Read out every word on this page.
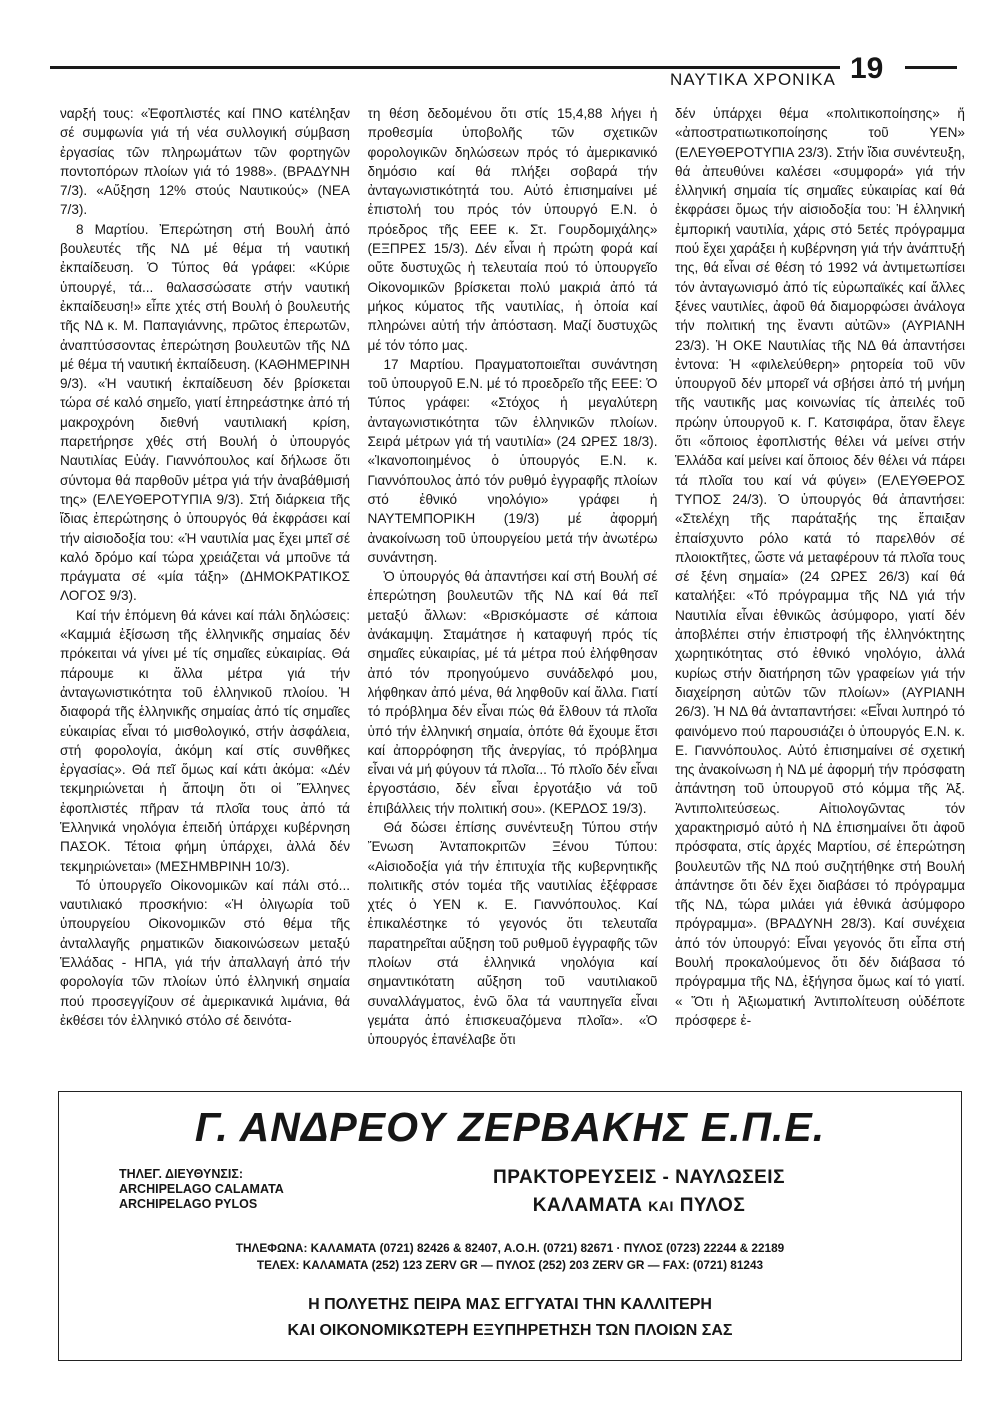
ΝΑΥΤΙΚΑ ΧΡΟΝΙΚΑ 19

ναρξή τους: «Ἐφοπλιστές καί ΠΝΟ κατέληξαν σέ συμφωνία γιά τή νέα συλλογική σύμβαση ἐργασίας τῶν πληρωμάτων τῶν φορτηγῶν ποντοπόρων πλοίων γιά τό 1988». (ΒΡΑΔΥΝΗ 7/3). «Αὔξηση 12% στούς Ναυτικούς» (ΝΕΑ 7/3).

8 Μαρτίου. Ἐπερώτηση στή Βουλή ἀπό βουλευτές τῆς ΝΔ μέ θέμα τή ναυτική ἐκπαίδευση. Ὁ Τύπος θά γράφει: «Κύριε ὑπουργέ, τά... θαλασσώσατε στήν ναυτική ἐκπαίδευση!» εἶπε χτές στή Βουλή ὁ βουλευτής τῆς ΝΔ κ. Μ. Παπαγιάννης, πρῶτος ἐπερωτῶν, ἀναπτύσσοντας ἐπερώτηση βουλευτῶν τῆς ΝΔ μέ θέμα τή ναυτική ἐκπαίδευση. (ΚΑΘΗΜΕΡΙΝΗ 9/3). «Ἡ ναυτική ἐκπαίδευση δέν βρίσκεται τώρα σέ καλό σημεῖο, γιατί ἐπηρεάστηκε ἀπό τή μακροχρόνη διεθνή ναυτιλιακή κρίση, παρετήρησε χθές στή Βουλή ὁ ὑπουργός Ναυτιλίας Εὐάγ. Γιαννόπουλος καί δήλωσε ὅτι σύντομα θά παρθοῦν μέτρα γιά τήν ἀναβάθμισή της» (ΕΛΕΥΘΕΡΟΤΥΠΙΑ 9/3). Στή διάρκεια τῆς ἴδιας ἐπερώτησης ὁ ὑπουργός θά ἐκφράσει καί τήν αἰσιοδοξία του: «Ἡ ναυτιλία μας ἔχει μπεῖ σέ καλό δρόμο καί τώρα χρειάζεται νά μποῦνε τά πράγματα σέ «μία τάξη» (ΔΗΜΟΚΡΑΤΙΚΟΣ ΛΟΓΟΣ 9/3).

Καί τήν ἑπόμενη θά κάνει καί πάλι δηλώσεις: «Καμμιά ἐξίσωση τῆς ἑλληνικῆς σημαίας δέν πρόκειται νά γίνει μέ τίς σημαῖες εὐκαιρίας. Θά πάρουμε κι ἄλλα μέτρα γιά τήν ἀνταγωνιστικότητα τοῦ ἑλληνικοῦ πλοίου. Ἡ διαφορά τῆς ἑλληνικῆς σημαίας ἀπό τίς σημαῖες εὐκαιρίας εἶναι τό μισθολογικό, στήν ἀσφάλεια, στή φορολογία, ἀκόμη καί στίς συνθῆκες ἐργασίας». Θά πεῖ ὅμως καί κάτι ἀκόμα: «Δέν τεκμηριώνεται ἡ ἄποψη ὅτι οἱ Ἕλληνες ἐφοπλιστές πῆραν τά πλοῖα τους ἀπό τά Ἑλληνικά νηολόγια ἐπειδή ὑπάρχει κυβέρνηση ΠΑΣΟΚ. Τέτοια φήμη ὑπάρχει, ἀλλά δέν τεκμηριώνεται» (ΜΕΣΗΜΒΡΙΝΗ 10/3).

Τό ὑπουργεῖο Οἰκονομικῶν καί πάλι στό... ναυτιλιακό προσκήνιο: «Ἡ ὀλιγωρία τοῦ ὑπουργείου Οἰκονομικῶν στό θέμα τῆς ἀνταλλαγῆς ρηματικῶν διακοινώσεων μεταξύ Ἑλλάδας - ΗΠΑ, γιά τήν ἀπαλλαγή ἀπό τήν φορολογία τῶν πλοίων ὑπό ἑλληνική σημαία πού προσεγγίζουν σέ ἀμερικανικά λιμάνια, θά ἐκθέσει τόν ἑλληνικό στόλο σέ δεινότα-

τη θέση δεδομένου ὅτι στίς 15,4,88 λήγει ἡ προθεσμία ὑποβολῆς τῶν σχετικῶν φορολογικῶν δηλώσεων πρός τό ἀμερικανικό δημόσιο καί θά πλήξει σοβαρά τήν ἀνταγωνιστικότητά του. Αὐτό ἐπισημαίνει μέ ἐπιστολή του πρός τόν ὑπουργό Ε.Ν. ὁ πρόεδρος τῆς ΕΕΕ κ. Στ. Γουρδομιχάλης» (ΕΞΠΡΕΣ 15/3). Δέν εἶναι ἡ πρώτη φορά καί οὔτε δυστυχῶς ἡ τελευταία πού τό ὑπουργεῖο Οἰκονομικῶν βρίσκεται πολύ μακριά ἀπό τά μήκος κύματος τῆς ναυτιλίας, ἡ ὁποία καί πληρώνει αὐτή τήν ἀπόσταση. Μαζί δυστυχῶς μέ τόν τόπο μας.

17 Μαρτίου. Πραγματοποιεῖται συνάντηση τοῦ ὑπουργοῦ Ε.Ν. μέ τό προεδρεῖο τῆς ΕΕΕ: Ὁ Τύπος γράφει: «Στόχος ἡ μεγαλύτερη ἀνταγωνιστικότητα τῶν ἑλληνικῶν πλοίων. Σειρά μέτρων γιά τή ναυτιλία» (24 ΩΡΕΣ 18/3). «Ἱκανοποιημένος ὁ ὑπουργός Ε.Ν. κ. Γιαννόπουλος ἀπό τόν ρυθμό ἐγγραφῆς πλοίων στό ἐθνικό νηολόγιο» γράφει ἡ ΝΑΥΤΕΜΠΟΡΙΚΗ (19/3) μέ ἀφορμή ἀνακοίνωση τοῦ ὑπουργείου μετά τήν ἀνωτέρω συνάντηση.

Ὁ ὑπουργός θά ἀπαντήσει καί στή Βουλή σέ ἐπερώτηση βουλευτῶν τῆς ΝΔ καί θά πεῖ μεταξύ ἄλλων: «Βρισκόμαστε σέ κάποια ἀνάκαμψη. Σταμάτησε ἡ καταφυγή πρός τίς σημαῖες εὐκαιρίας, μέ τά μέτρα πού ἐλήφθησαν ἀπό τόν προηγούμενο συνάδελφό μου, λήφθηκαν ἀπό μένα, θά ληφθοῦν καί ἄλλα. Γιατί τό πρόβλημα δέν εἶναι πώς θά ἔλθουν τά πλοῖα ὑπό τήν ἑλληνική σημαία, ὁπότε θά ἔχουμε ἔτσι καί ἀπορρόφηση τῆς ἀνεργίας, τό πρόβλημα εἶναι νά μή φύγουν τά πλοῖα... Τό πλοῖο δέν εἶναι ἐργοστάσιο, δέν εἶναι ἐργοτάξιο νά τοῦ ἐπιβάλλεις τήν πολιτική σου». (ΚΕΡΔΟΣ 19/3).

Θά δώσει ἐπίσης συνέντευξη Τύπου στήν Ἕνωση Ἀνταποκριτῶν Ξένου Τύπου: «Αἰσιοδοξία γιά τήν ἐπιτυχία τῆς κυβερνητικῆς πολιτικῆς στόν τομέα τῆς ναυτιλίας ἐξέφρασε χτές ὁ ΥΕΝ κ. Ε. Γιαννόπουλος. Καί ἐπικαλέστηκε τό γεγονός ὅτι τελευταῖα παρατηρεῖται αὔξηση τοῦ ρυθμοῦ ἐγγραφῆς τῶν πλοίων στά ἑλληνικά νηολόγια καί σημαντικότατη αὔξηση τοῦ ναυτιλιακοῦ συναλλάγματος, ἐνῶ ὅλα τά ναυπηγεῖα εἶναι γεμάτα ἀπό ἐπισκευαζόμενα πλοῖα». «Ὁ ὑπουργός ἐπανέλαβε ὅτι

δέν ὑπάρχει θέμα «πολιτικοποίησης» ἤ «ἀποστρατιωτικοποίησης τοῦ ΥΕΝ» (ΕΛΕΥΘΕΡΟΤΥΠΙΑ 23/3). Στήν ἴδια συνέντευξη, θά ἀπευθύνει καλέσει «συμφορά» γιά τήν ἑλληνική σημαία τίς σημαῖες εὐκαιρίας καί θά ἐκφράσει ὅμως τήν αἰσιοδοξία του: Ἡ ἑλληνική ἐμπορική ναυτιλία, χάρις στό 5ετές πρόγραμμα πού ἔχει χαράξει ἡ κυβέρνηση γιά τήν ἀνάπτυξή της, θά εἶναι σέ θέση τό 1992 νά ἀντιμετωπίσει τόν ἀνταγωνισμό ἀπό τίς εὐρωπαϊκές καί ἄλλες ξένες ναυτιλίες, ἀφοῦ θά διαμορφώσει ἀνάλογα τήν πολιτική της ἔναντι αὐτῶν» (ΑΥΡΙΑΝΗ 23/3). Ἡ ΟΚΕ Ναυτιλίας τῆς ΝΔ θά ἀπαντήσει ἐντονα: Ἡ «φιλελεύθερη» ρητορεία τοῦ νῦν ὑπουργοῦ δέν μπορεῖ νά σβήσει ἀπό τή μνήμη τῆς ναυτικῆς μας κοινωνίας τίς ἀπειλές τοῦ πρώην ὑπουργοῦ κ. Γ. Κατσιφάρα, ὅταν ἔλεγε ὅτι «ὅποιος ἐφοπλιστής θέλει νά μείνει στήν Ἑλλάδα καί μείνει καί ὅποιος δέν θέλει νά πάρει τά πλοῖα του καί νά φύγει» (ΕΛΕΥΘΕΡΟΣ ΤΥΠΟΣ 24/3). Ὁ ὑπουργός θά ἀπαντήσει: «Στελέχη τῆς παράταξής της ἔπαιξαν ἐπαίσχυντο ρόλο κατά τό παρελθόν σέ πλοιοκτῆτες, ὥστε νά μεταφέρουν τά πλοῖα τους σέ ξένη σημαία» (24 ΩΡΕΣ 26/3) καί θά καταλήξει: «Τό πρόγραμμα τῆς ΝΔ γιά τήν Ναυτιλία εἶναι ἐθνικῶς ἀσύμφορο, γιατί δέν ἀποβλέπει στήν ἐπιστροφή τῆς ἑλληνόκτητης χωρητικότητας στό ἐθνικό νηολόγιο, ἀλλά κυρίως στήν διατήρηση τῶν γραφείων γιά τήν διαχείρηση αὐτῶν τῶν πλοίων» (ΑΥΡΙΑΝΗ 26/3). Ἡ ΝΔ θά ἀνταπαντήσει: «Εἶναι λυπηρό τό φαινόμενο πού παρουσιάζει ὁ ὑπουργός Ε.Ν. κ. Ε. Γιαννόπουλος. Αὐτό ἐπισημαίνει σέ σχετική της ἀνακοίνωση ἡ ΝΔ μέ ἀφορμή τήν πρόσφατη ἀπάντηση τοῦ ὑπουργοῦ στό κόμμα τῆς Ἀξ. Ἀντιπολιτεύσεως. Αἰτιολογῶντας τόν χαρακτηρισμό αὐτό ἡ ΝΔ ἐπισημαίνει ὅτι ἀφοῦ πρόσφατα, στίς ἀρχές Μαρτίου, σέ ἐπερώτηση βουλευτῶν τῆς ΝΔ πού συζητήθηκε στή Βουλή ἀπάντησε ὅτι δέν ἔχει διαβάσει τό πρόγραμμα τῆς ΝΔ, τώρα μιλάει γιά ἐθνικά ἀσύμφορο πρόγραμμα». (ΒΡΑΔΥΝΗ 28/3). Καί συνέχεια ἀπό τόν ὑπουργό: Εἶναι γεγονός ὅτι εἶπα στή Βουλή προκαλούμενος ὅτι δέν διάβασα τό πρόγραμμα τῆς ΝΔ, ἐξήγησα ὅμως καί τό γιατί. « Ὅτι ἡ Ἀξιωματική Ἀντιπολίτευση οὐδέποτε πρόσφερε ἐ-

Γ. ΑΝΔΡΕΟΥ ΖΕΡΒΑΚΗΣ Ε.Π.Ε.
ΤΗΛΕΓ. ΔΙΕΥΘΥΝΣΙΣ:
ARCHIPELAGO CALAMATA
ARCHIPELAGO PYLOS
ΠΡΑΚΤΟΡΕΥΣΕΙΣ - ΝΑΥΛΩΣΕΙΣ
ΚΑΛΑΜΑΤΑ ΚΑΙ ΠΥΛΟΣ
ΤΗΛΕΦΩΝΑ: ΚΑΛΑΜΑΤΑ (0721) 82426 & 82407, Α.Ο.Η. (0721) 82671 · ΠΥΛΟΣ (0723) 22244 & 22189
ΤΕΛΕΧ: ΚΑΛΑΜΑΤΑ (252) 123 ZERV GR — ΠΥΛΟΣ (252) 203 ZERV GR — FAX: (0721) 81243
Η ΠΟΛΥΕΤΗΣ ΠΕΙΡΑ ΜΑΣ ΕΓΓΥΑΤΑΙ ΤΗΝ ΚΑΛΛΙΤΕΡΗ
ΚΑΙ ΟΙΚΟΝΟΜΙΚΩΤΕΡΗ ΕΞΥΠΗΡΕΤΗΣΗ ΤΩΝ ΠΛΟΙΩΝ ΣΑΣ
